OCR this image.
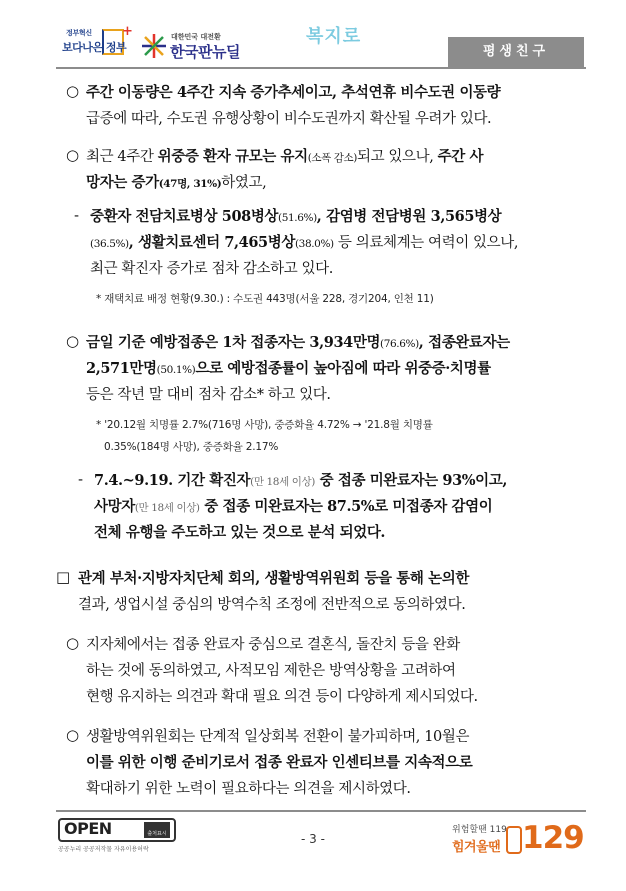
정부혁신
보다나은 정부
+	대한민국 대전환
한국판뉴딜
복지로
평생친구
○ 주간 이동량은 4주간 지속 증가추세이고, 추석연휴 비수도권 이동량
급증에 따라, 수도권 유행상황이 비수도권까지 확산될 우려가 있다.
○ 최근 4주간 위중증 환자 규모는 유지(소폭 감소)되고 있으나, 주간 사
망자는 증가(47명, 31%)하였고,
- 중환자 전담치료병상 508병상(51.6%), 감염병 전담병원 3,565병상
(36.5%), 생활치료센터 7,465병상(38.0%) 등 의료체계는 여력이 있으나,
최근 확진자 증가로 점차 감소하고 있다.
* 재택치료 배정 현황(9.30.) : 수도권 443명(서울 228, 경기204, 인천 11)
○ 금일 기준 예방접종은 1차 접종자는 3,934만명(76.6%), 접종완료자는
2,571만명(50.1%)으로 예방접종률이 높아짐에 따라 위중증·치명률
등은 작년 말 대비 점차 감소* 하고 있다.
* '20.12월 치명률 2.7%(716명 사망), 중증화율 4.72% → '21.8월 치명률
0.35%(184명 사망), 중증화율 2.17%
- 7.4.~9.19. 기간 확진자(만 18세 이상) 중 접종 미완료자는 93%이고,
사망자(만 18세 이상) 중 접종 미완료자는 87.5%로 미접종자 감염이
전체 유행을 주도하고 있는 것으로 분석 되었다.
□ 관계 부처·지방자치단체 회의, 생활방역위원회 등을 통해 논의한
결과, 생업시설 중심의 방역수칙 조정에 전반적으로 동의하였다.
○ 지자체에서는 접종 완료자 중심으로 결혼식, 돌잔치 등을 완화
하는 것에 동의하였고, 사적모임 제한은 방역상황을 고려하여
현행 유지하는 의견과 확대 필요 의견 등이 다양하게 제시되었다.
○ 생활방역위원회는 단계적 일상회복 전환이 불가피하며, 10월은
이를 위한 이행 준비기로서 접종 완료자 인센티브를 지속적으로
확대하기 위한 노력이 필요하다는 의견을 제시하였다.
OPEN	출처표시
공공누리 공공저작물 자유이용허락
- 3 -
위험할땐 119
힘겨울땐 129
